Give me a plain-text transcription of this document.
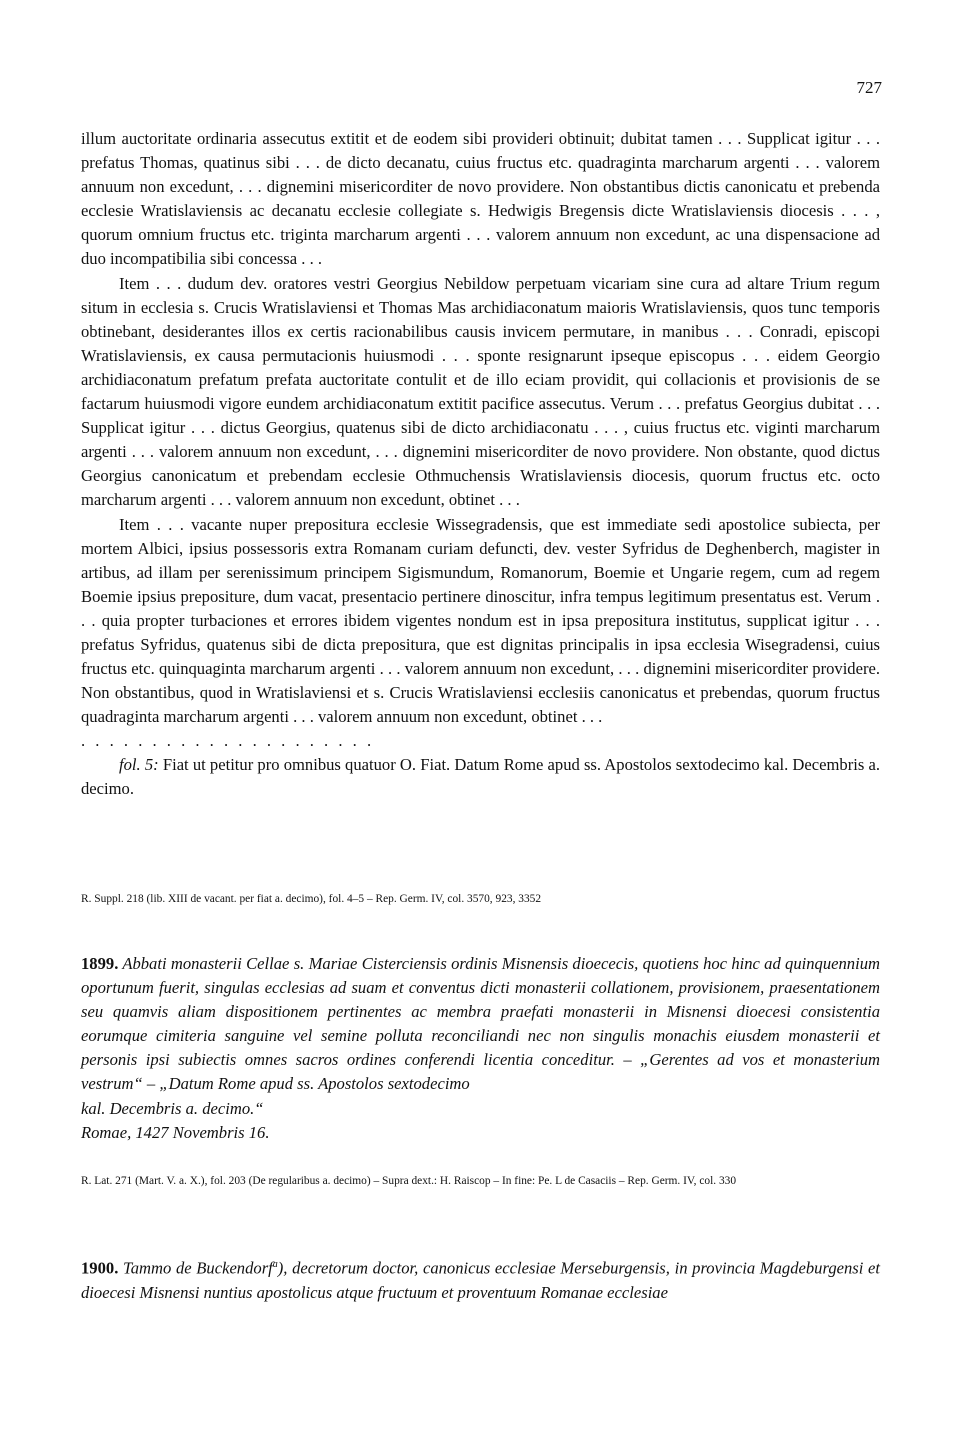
727

illum auctoritate ordinaria assecutus extitit et de eodem sibi provideri obtinuit; dubitat tamen . . . Supplicat igitur . . . prefatus Thomas, quatinus sibi . . . de dicto decanatu, cuius fructus etc. quadraginta marcharum argenti . . . valorem annuum non excedunt, . . . dignemini misericorditer de novo providere. Non obstantibus dictis canonicatu et prebenda ecclesie Wratislaviensis ac decanatu ecclesie collegiate s. Hedwigis Bregensis dicte Wratislaviensis diocesis . . . , quorum omnium fructus etc. triginta marcharum argenti . . . valorem annuum non excedunt, ac una dispensacione ad duo incompatibilia sibi concessa . . .

Item . . . dudum dev. oratores vestri Georgius Nebildow perpetuam vicariam sine cura ad altare Trium regum situm in ecclesia s. Crucis Wratislaviensi et Thomas Mas archidiaconatum maioris Wratislaviensis, quos tunc temporis obtinebant, desiderantes illos ex certis racionabilibus causis invicem permutare, in manibus . . . Conradi, episcopi Wratislaviensis, ex causa permutacionis huiusmodi . . . sponte resignarunt ipseque episcopus . . . eidem Georgio archidiaconatum prefatum prefata auctoritate contulit et de illo eciam providit, qui collacionis et provisionis de se factarum huiusmodi vigore eundem archidiaconatum extitit pacifice assecutus. Verum . . . prefatus Georgius dubitat . . . Supplicat igitur . . . dictus Georgius, quatenus sibi de dicto archidiaconatu . . . , cuius fructus etc. viginti marcharum argenti . . . valorem annuum non excedunt, . . . dignemini misericorditer de novo providere. Non obstante, quod dictus Georgius canonicatum et prebendam ecclesie Othmuchensis Wratislaviensis diocesis, quorum fructus etc. octo marcharum argenti . . . valorem annuum non excedunt, obtinet . . .

Item . . . vacante nuper prepositura ecclesie Wissegradensis, que est immediate sedi apostolice subiecta, per mortem Albici, ipsius possessoris extra Romanam curiam defuncti, dev. vester Syfridus de Deghenberch, magister in artibus, ad illam per serenissimum principem Sigismundum, Romanorum, Boemie et Ungarie regem, cum ad regem Boemie ipsius prepositure, dum vacat, presentacio pertinere dinoscitur, infra tempus legitimum presentatus est. Verum . . . quia propter turbaciones et errores ibidem vigentes nondum est in ipsa prepositura institutus, supplicat igitur . . . prefatus Syfridus, quatenus sibi de dicta prepositura, que est dignitas principalis in ipsa ecclesia Wisegradensi, cuius fructus etc. quinquaginta marcharum argenti . . . valorem annuum non excedunt, . . . dignemini misericorditer providere. Non obstantibus, quod in Wratislaviensi et s. Crucis Wratislaviensi ecclesiis canonicatus et prebendas, quorum fructus quadraginta marcharum argenti . . . valorem annuum non excedunt, obtinet . . .

. . . . . . . . . . . . . . . . . . . . .

fol. 5: Fiat ut petitur pro omnibus quatuor O. Fiat. Datum Rome apud ss. Apostolos sextodecimo kal. Decembris a. decimo.

R. Suppl. 218 (lib. XIII de vacant. per fiat a. decimo), fol. 4–5 – Rep. Germ. IV, col. 3570, 923, 3352

1899. Abbati monasterii Cellae s. Mariae Cisterciensis ordinis Misnensis dioececis, quotiens hoc hinc ad quinquennium oportunum fuerit, singulas ecclesias ad suam et conventus dicti monasterii collationem, provisionem, praesentationem seu quamvis aliam dispositionem pertinentes ac membra praefati monasterii in Misnensi dioecesi consistentia eorumque cimiteria sanguine vel semine polluta reconciliandi nec non singulis monachis eiusdem monasterii et personis ipsi subiectis omnes sacros ordines conferendi licentia conceditur. – „Gerentes ad vos et monasterium vestrum“ – „Datum Rome apud ss. Apostolos sextodecimo

kal. Decembris a. decimo.“

Romae, 1427 Novembris 16.

R. Lat. 271 (Mart. V. a. X.), fol. 203 (De regularibus a. decimo) – Supra dext.: H. Raiscop – In fine: Pe. L de Casaciis – Rep. Germ. IV, col. 330

1900. Tammo de Buckendorf$^a$), decretorum doctor, canonicus ecclesiae Merseburgensis, in provincia Magdeburgensi et dioecesi Misnensi nuntius apostolicus atque fructuum et proventuum Romanae ecclesiae
